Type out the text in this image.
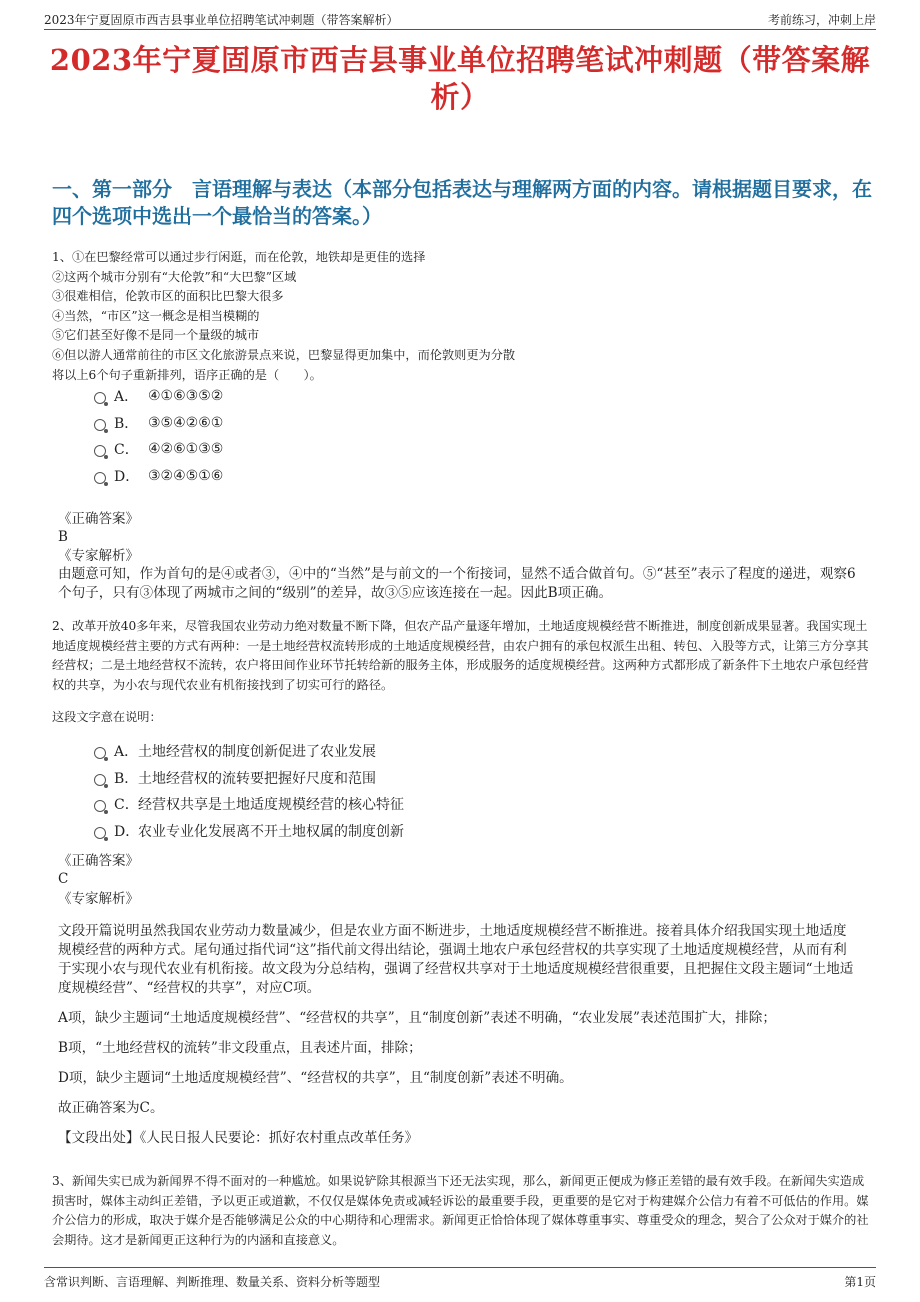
2023年宁夏固原市西吉县事业单位招聘笔试冲刺题（带答案解析）	考前练习，冲刺上岸
2023年宁夏固原市西吉县事业单位招聘笔试冲刺题（带答案解析）
一、第一部分　言语理解与表达（本部分包括表达与理解两方面的内容。请根据题目要求，在四个选项中选出一个最恰当的答案。）

1、①在巴黎经常可以通过步行闲逛，而在伦敦，地铁却是更佳的选择

②这两个城市分别有“大伦敦”和“大巴黎”区域

③很难相信，伦敦市区的面积比巴黎大很多

④当然，“市区”这一概念是相当模糊的

⑤它们甚至好像不是同一个量级的城市

⑥但以游人通常前往的市区文化旅游景点来说，巴黎显得更加集中，而伦敦则更为分散

将以上6个句子重新排列，语序正确的是（　　）。

A． ④①⑥③⑤②
B． ③⑤④②⑥①
C． ④②⑥①③⑤
D． ③②④⑤①⑥
《正确答案》
B
《专家解析》

由题意可知，作为首句的是④或者③，④中的“当然”是与前文的一个衔接词，显然不适合做首句。⑤“甚至”表示了程度的递进，观察6个句子，只有③体现了两城市之间的“级别”的差异，故③⑤应该连接在一起。因此B项正确。

2、改革开放40多年来，尽管我国农业劳动力绝对数量不断下降，但农产品产量逐年增加，土地适度规模经营不断推进，制度创新成果显著。我国实现土地适度规模经营主要的方式有两种：一是土地经营权流转形成的土地适度规模经营，由农户拥有的承包权派生出租、转包、入股等方式，让第三方分享其经营权；二是土地经营权不流转，农户将田间作业环节托转给新的服务主体，形成服务的适度规模经营。这两种方式都形成了新条件下土地农户承包经营权的共享，为小农与现代农业有机衔接找到了切实可行的路径。

这段文字意在说明：

A． 土地经营权的制度创新促进了农业发展
B． 土地经营权的流转要把握好尺度和范围
C． 经营权共享是土地适度规模经营的核心特征
D．
农业专业化发展离不开土地权属的制度创新
《正确答案》
C
《专家解析》

文段开篇说明虽然我国农业劳动力数量减少，但是农业方面不断进步，土地适度规模经营不断推进。接着具体介绍我国实现土地适度规模经营的两种方式。尾句通过指代词“这”指代前文得出结论，强调土地农户承包经营权的共享实现了土地适度规模经营，从而有利于实现小农与现代农业有机衔接。故文段为分总结构，强调了经营权共享对于土地适度规模经营很重要，且把握住文段主题词“土地适度规模经营”、“经营权的共享”，对应C项。

A项，缺少主题词“土地适度规模经营”、“经营权的共享”，且“制度创新”表述不明确，“农业发展”表述范围扩大，排除；

B项，“土地经营权的流转”非文段重点，且表述片面，排除；

D项，缺少主题词“土地适度规模经营”、“经营权的共享”，且“制度创新”表述不明确。

故正确答案为C。

【文段出处】《人民日报人民要论：抓好农村重点改革任务》

3、新闻失实已成为新闻界不得不面对的一种尴尬。如果说铲除其根源当下还无法实现，那么，新闻更正便成为修正差错的最有效手段。在新闻失实造成损害时，媒体主动纠正差错，予以更正或道歉，不仅仅是媒体免责或减轻诉讼的最重要手段，更重要的是它对于构建媒介公信力有着不可低估的作用。媒介公信力的形成，取决于媒介是否能够满足公众的中心期待和心理需求。新闻更正恰恰体现了媒体尊重事实、尊重受众的理念，契合了公众对于媒介的社会期待。这才是新闻更正这种行为的内涵和直接意义。

含常识判断、言语理解、判断推理、数量关系、资料分析等题型	第1页
